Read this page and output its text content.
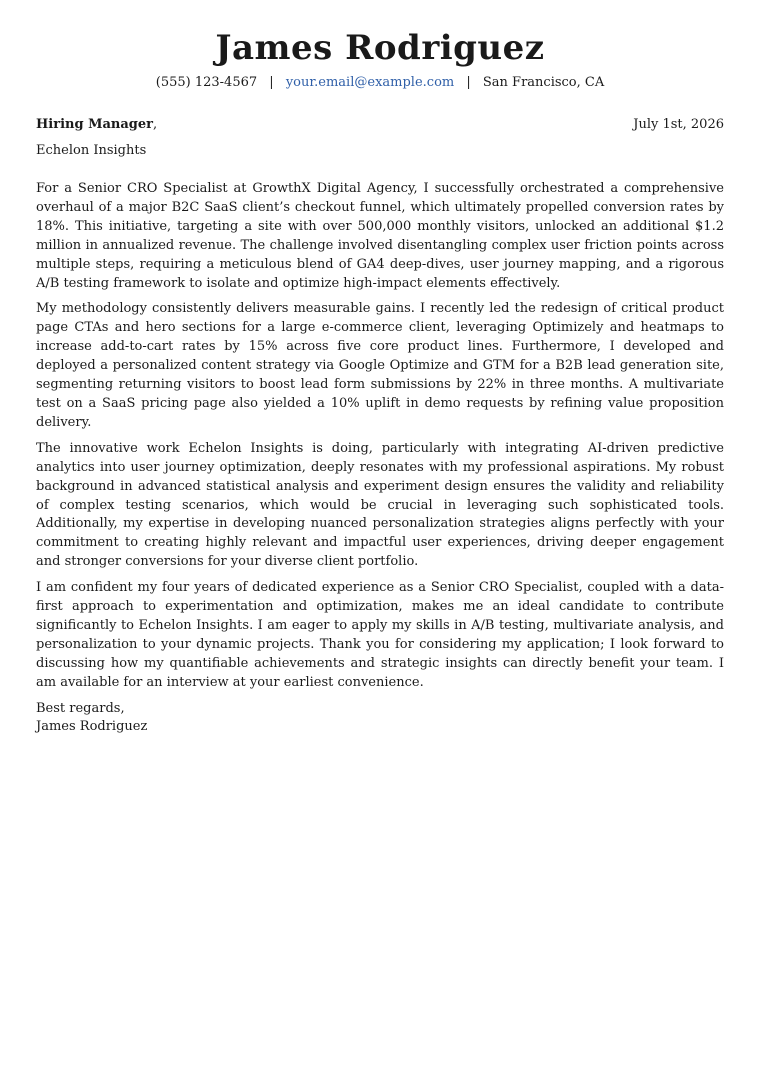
James Rodriguez
(555) 123-4567 | your.email@example.com | San Francisco, CA
Hiring Manager,	July 1st, 2026
Echelon Insights

For a Senior CRO Specialist at GrowthX Digital Agency, I successfully orchestrated a comprehensive overhaul of a major B2C SaaS client’s checkout funnel, which ultimately propelled conversion rates by 18%. This initiative, targeting a site with over 500,000 monthly visitors, unlocked an additional $1.2 million in annualized revenue. The challenge involved disentangling complex user friction points across multiple steps, requiring a meticulous blend of GA4 deep-dives, user journey mapping, and a rigorous A/B testing framework to isolate and optimize high-impact elements effectively.

My methodology consistently delivers measurable gains. I recently led the redesign of critical product page CTAs and hero sections for a large e-commerce client, leveraging Optimizely and heatmaps to increase add-to-cart rates by 15% across five core product lines. Furthermore, I developed and deployed a personalized content strategy via Google Optimize and GTM for a B2B lead generation site, segmenting returning visitors to boost lead form submissions by 22% in three months. A multivariate test on a SaaS pricing page also yielded a 10% uplift in demo requests by refining value proposition delivery.

The innovative work Echelon Insights is doing, particularly with integrating AI-driven predictive analytics into user journey optimization, deeply resonates with my professional aspirations. My robust background in advanced statistical analysis and experiment design ensures the validity and reliability of complex testing scenarios, which would be crucial in leveraging such sophisticated tools. Additionally, my expertise in developing nuanced personalization strategies aligns perfectly with your commitment to creating highly relevant and impactful user experiences, driving deeper engagement and stronger conversions for your diverse client portfolio.

I am confident my four years of dedicated experience as a Senior CRO Specialist, coupled with a data-first approach to experimentation and optimization, makes me an ideal candidate to contribute significantly to Echelon Insights. I am eager to apply my skills in A/B testing, multivariate analysis, and personalization to your dynamic projects. Thank you for considering my application; I look forward to discussing how my quantifiable achievements and strategic insights can directly benefit your team. I am available for an interview at your earliest convenience.

Best regards,
James Rodriguez
